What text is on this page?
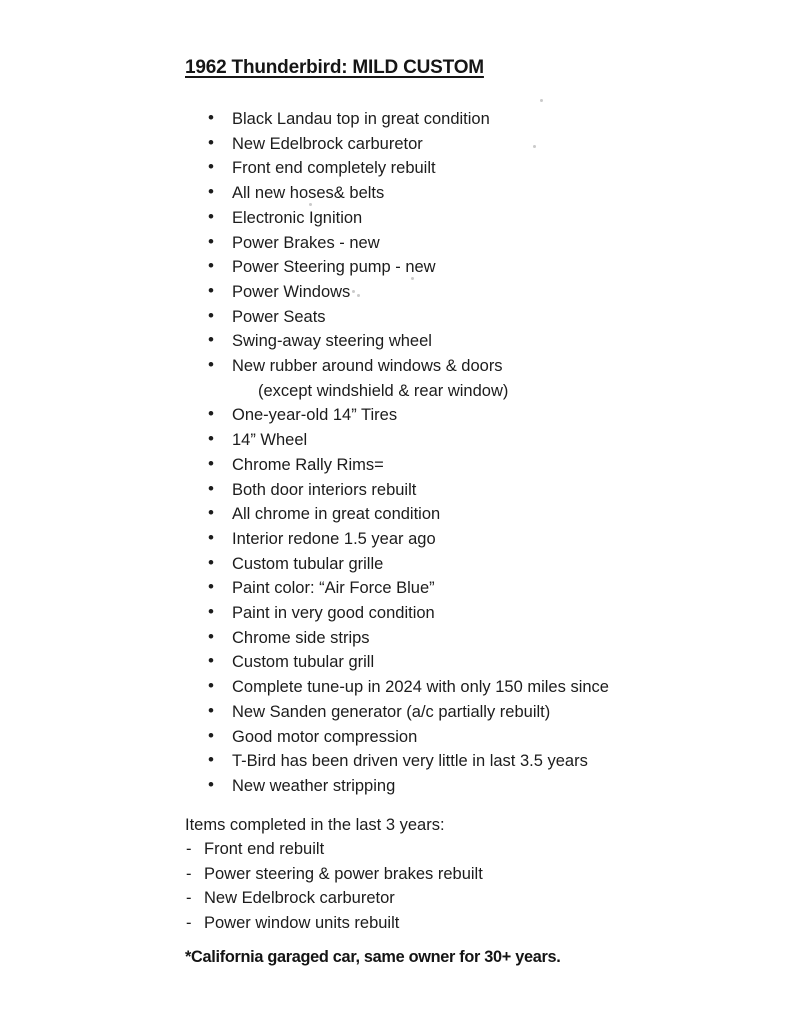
1962 Thunderbird: MILD CUSTOM
• Black Landau top in great condition
• New Edelbrock carburetor
• Front end completely rebuilt
• All new hoses& belts
• Electronic Ignition
• Power Brakes - new
• Power Steering pump - new
• Power Windows
• Power Seats
• Swing-away steering wheel
• New rubber around windows & doors
(except windshield & rear window)
• One-year-old 14” Tires
• 14” Wheel
• Chrome Rally Rims=
• Both door interiors rebuilt
• All chrome in great condition
• Interior redone 1.5 year ago
• Custom tubular grille
• Paint color: “Air Force Blue”
• Paint in very good condition
• Chrome side strips
• Custom tubular grill
• Complete tune-up in 2024 with only 150 miles since
• New Sanden generator (a/c partially rebuilt)
• Good motor compression
• T-Bird has been driven very little in last 3.5 years
• New weather stripping

Items completed in the last 3 years:

- Front end rebuilt
- Power steering & power brakes rebuilt
- New Edelbrock carburetor
- Power window units rebuilt

*California garaged car, same owner for 30+ years.
